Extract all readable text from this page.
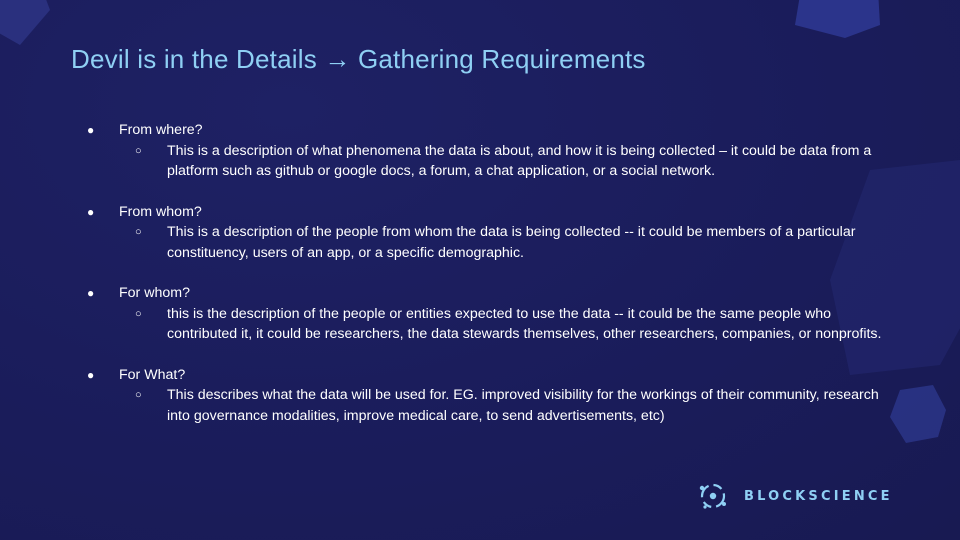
Devil is in the Details → Gathering Requirements
● From where?
○ This is a description of what phenomena the data is about, and how it is being collected – it could be data from a platform such as github or google docs, a forum, a chat application, or a social network.
● From whom?
○ This is a description of the people from whom the data is being collected -- it could be members of a particular constituency, users of an app, or a specific demographic.
● For whom?
○ this is the description of the people or entities expected to use the data -- it could be the same people who contributed it, it could be researchers, the data stewards themselves, other researchers, companies, or nonprofits.
● For What?
○ This describes what the data will be used for. EG. improved visibility for the workings of their community, research into governance modalities, improve medical care, to send advertisements, etc)
BLOCKSCIENCE
